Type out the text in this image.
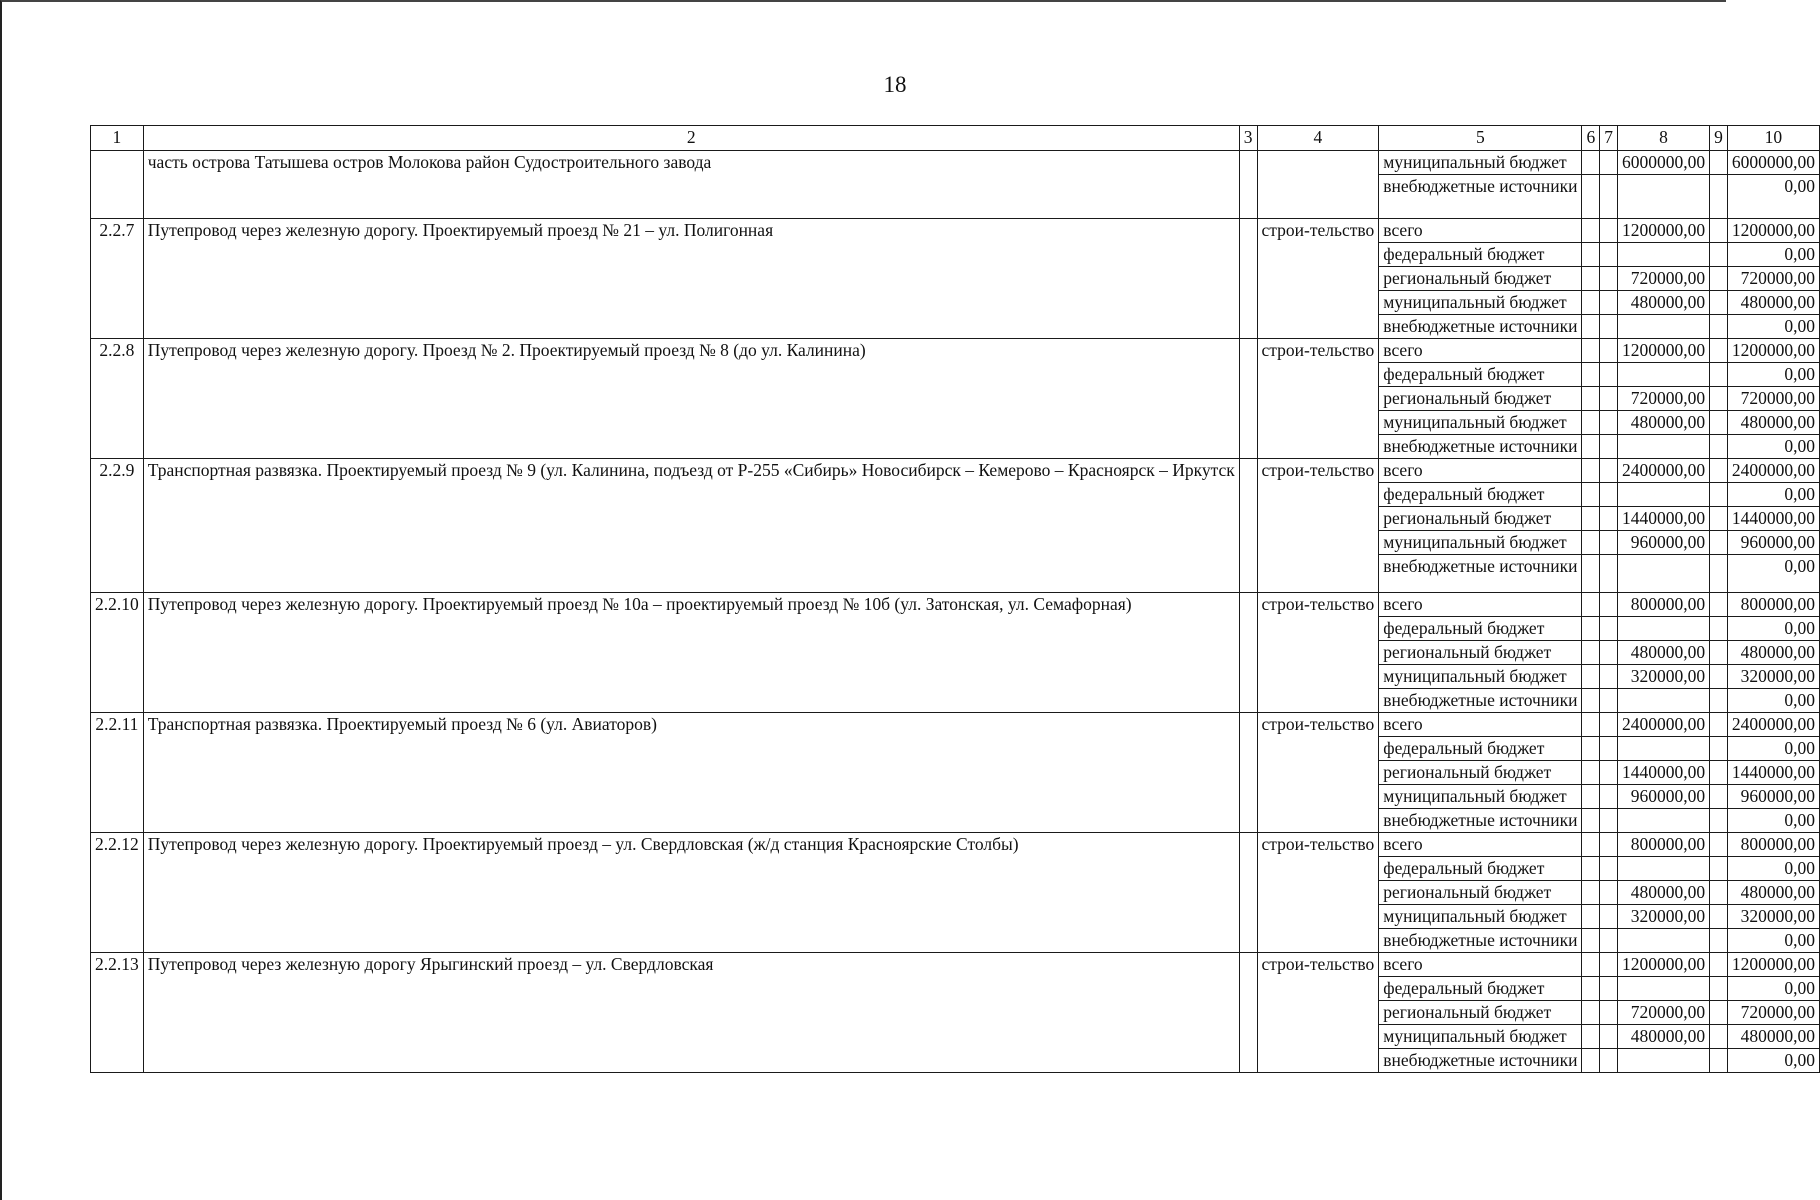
18
1	2	3	4	5	6	7	8	9	10
	часть острова Татышева остров Молокова район Судостроительного завода			муниципальный бюджет			6000000,00		6000000,00
				внебюджетные источники					0,00
2.2.7	Путепровод через железную дорогу. Проектируемый проезд № 21 – ул. Полигонная		строи-тельство	всего			1200000,00		1200000,00
				федеральный бюджет					0,00
				региональный бюджет			720000,00		720000,00
				муниципальный бюджет			480000,00		480000,00
				внебюджетные источники					0,00
2.2.8	Путепровод через железную дорогу. Проезд № 2. Проектируемый проезд № 8 (до ул. Калинина)		строи-тельство	всего			1200000,00		1200000,00
				федеральный бюджет					0,00
				региональный бюджет			720000,00		720000,00
				муниципальный бюджет			480000,00		480000,00
				внебюджетные источники					0,00
2.2.9	Транспортная развязка. Проектируемый проезд № 9 (ул. Калинина, подъезд от Р-255 «Сибирь» Новосибирск – Кемерово – Красноярск – Иркутск		строи-тельство	всего			2400000,00		2400000,00
				федеральный бюджет					0,00
				региональный бюджет			1440000,00		1440000,00
				муниципальный бюджет			960000,00		960000,00
				внебюджетные источники					0,00
2.2.10	Путепровод через железную дорогу. Проектируемый проезд № 10а – проектируемый проезд № 10б (ул. Затонская, ул. Семафорная)		строи-тельство	всего			800000,00		800000,00
				федеральный бюджет					0,00
				региональный бюджет			480000,00		480000,00
				муниципальный бюджет			320000,00		320000,00
				внебюджетные источники					0,00
2.2.11	Транспортная развязка. Проектируемый проезд № 6 (ул. Авиаторов)		строи-тельство	всего			2400000,00		2400000,00
				федеральный бюджет					0,00
				региональный бюджет			1440000,00		1440000,00
				муниципальный бюджет			960000,00		960000,00
				внебюджетные источники					0,00
2.2.12	Путепровод через железную дорогу. Проектируемый проезд – ул. Свердловская (ж/д станция Красноярские Столбы)		строи-тельство	всего			800000,00		800000,00
				федеральный бюджет					0,00
				региональный бюджет			480000,00		480000,00
				муниципальный бюджет			320000,00		320000,00
				внебюджетные источники					0,00
2.2.13	Путепровод через железную дорогу Ярыгинский проезд – ул. Свердловская		строи-тельство	всего			1200000,00		1200000,00
				федеральный бюджет					0,00
				региональный бюджет			720000,00		720000,00
				муниципальный бюджет			480000,00		480000,00
				внебюджетные источники					0,00
